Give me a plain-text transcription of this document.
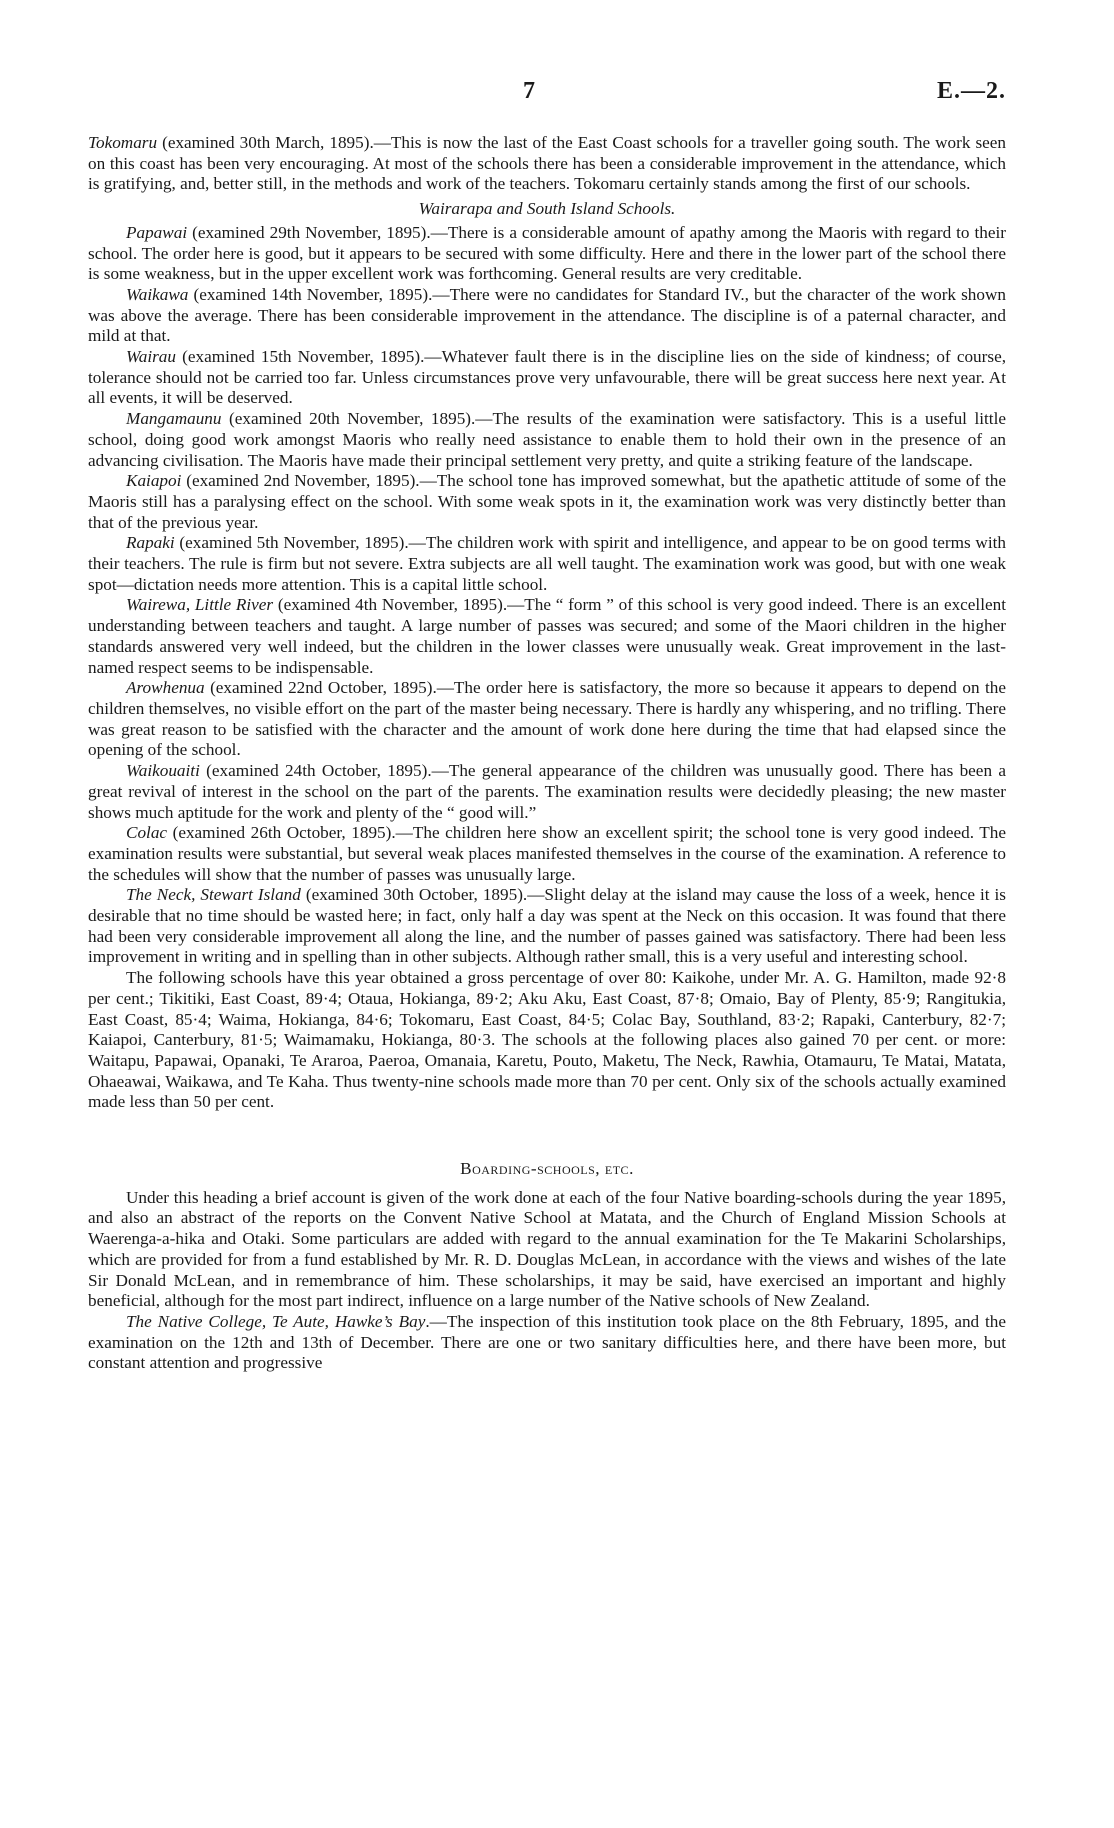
7	E.—2.

Tokomaru (examined 30th March, 1895).—This is now the last of the East Coast schools for a traveller going south. The work seen on this coast has been very encouraging. At most of the schools there has been a considerable improvement in the attendance, which is gratifying, and, better still, in the methods and work of the teachers. Tokomaru certainly stands among the first of our schools.

Wairarapa and South Island Schools.

Papawai (examined 29th November, 1895).—There is a considerable amount of apathy among the Maoris with regard to their school. The order here is good, but it appears to be secured with some difficulty. Here and there in the lower part of the school there is some weakness, but in the upper excellent work was forthcoming. General results are very creditable.

Waikawa (examined 14th November, 1895).—There were no candidates for Standard IV., but the character of the work shown was above the average. There has been considerable improvement in the attendance. The discipline is of a paternal character, and mild at that.

Wairau (examined 15th November, 1895).—Whatever fault there is in the discipline lies on the side of kindness; of course, tolerance should not be carried too far. Unless circumstances prove very unfavourable, there will be great success here next year. At all events, it will be deserved.

Mangamaunu (examined 20th November, 1895).—The results of the examination were satisfactory. This is a useful little school, doing good work amongst Maoris who really need assistance to enable them to hold their own in the presence of an advancing civilisation. The Maoris have made their principal settlement very pretty, and quite a striking feature of the landscape.

Kaiapoi (examined 2nd November, 1895).—The school tone has improved somewhat, but the apathetic attitude of some of the Maoris still has a paralysing effect on the school. With some weak spots in it, the examination work was very distinctly better than that of the previous year.

Rapaki (examined 5th November, 1895).—The children work with spirit and intelligence, and appear to be on good terms with their teachers. The rule is firm but not severe. Extra subjects are all well taught. The examination work was good, but with one weak spot—dictation needs more attention. This is a capital little school.

Wairewa, Little River (examined 4th November, 1895).—The “ form ” of this school is very good indeed. There is an excellent understanding between teachers and taught. A large number of passes was secured; and some of the Maori children in the higher standards answered very well indeed, but the children in the lower classes were unusually weak. Great improvement in the last-named respect seems to be indispensable.

Arowhenua (examined 22nd October, 1895).—The order here is satisfactory, the more so because it appears to depend on the children themselves, no visible effort on the part of the master being necessary. There is hardly any whispering, and no trifling. There was great reason to be satisfied with the character and the amount of work done here during the time that had elapsed since the opening of the school.

Waikouaiti (examined 24th October, 1895).—The general appearance of the children was unusually good. There has been a great revival of interest in the school on the part of the parents. The examination results were decidedly pleasing; the new master shows much aptitude for the work and plenty of the “ good will.”

Colac (examined 26th October, 1895).—The children here show an excellent spirit; the school tone is very good indeed. The examination results were substantial, but several weak places manifested themselves in the course of the examination. A reference to the schedules will show that the number of passes was unusually large.

The Neck, Stewart Island (examined 30th October, 1895).—Slight delay at the island may cause the loss of a week, hence it is desirable that no time should be wasted here; in fact, only half a day was spent at the Neck on this occasion. It was found that there had been very considerable improvement all along the line, and the number of passes gained was satisfactory. There had been less improvement in writing and in spelling than in other subjects. Although rather small, this is a very useful and interesting school.

The following schools have this year obtained a gross percentage of over 80: Kaikohe, under Mr. A. G. Hamilton, made 92·8 per cent.; Tikitiki, East Coast, 89·4; Otaua, Hokianga, 89·2; Aku Aku, East Coast, 87·8; Omaio, Bay of Plenty, 85·9; Rangitukia, East Coast, 85·4; Waima, Hokianga, 84·6; Tokomaru, East Coast, 84·5; Colac Bay, Southland, 83·2; Rapaki, Canterbury, 82·7; Kaiapoi, Canterbury, 81·5; Waimamaku, Hokianga, 80·3. The schools at the following places also gained 70 per cent. or more: Waitapu, Papawai, Opanaki, Te Araroa, Paeroa, Omanaia, Karetu, Pouto, Maketu, The Neck, Rawhia, Otamauru, Te Matai, Matata, Ohaeawai, Waikawa, and Te Kaha. Thus twenty-nine schools made more than 70 per cent. Only six of the schools actually examined made less than 50 per cent.

Boarding-schools, etc.

Under this heading a brief account is given of the work done at each of the four Native boarding-schools during the year 1895, and also an abstract of the reports on the Convent Native School at Matata, and the Church of England Mission Schools at Waerenga-a-hika and Otaki. Some particulars are added with regard to the annual examination for the Te Makarini Scholarships, which are provided for from a fund established by Mr. R. D. Douglas McLean, in accordance with the views and wishes of the late Sir Donald McLean, and in remembrance of him. These scholarships, it may be said, have exercised an important and highly beneficial, although for the most part indirect, influence on a large number of the Native schools of New Zealand.

The Native College, Te Aute, Hawke’s Bay.—The inspection of this institution took place on the 8th February, 1895, and the examination on the 12th and 13th of December. There are one or two sanitary difficulties here, and there have been more, but constant attention and progressive
